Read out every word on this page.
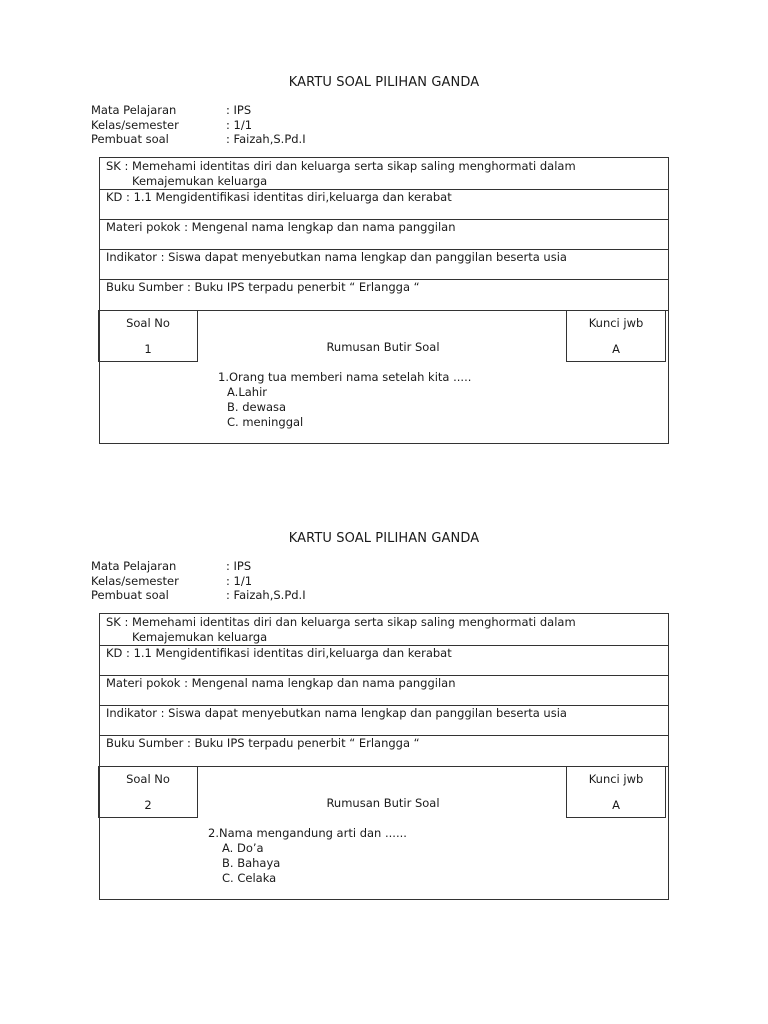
KARTU SOAL PILIHAN GANDA
Mata Pelajaran	: IPS
Kelas/semester	: 1/1
Pembuat soal	: Faizah,S.Pd.I
SK : Memehami identitas diri dan keluarga serta sikap saling menghormati dalam
Kemajemukan keluarga
KD : 1.1 Mengidentifikasi identitas diri,keluarga dan kerabat
Materi pokok : Mengenal nama lengkap dan nama panggilan
Indikator : Siswa dapat menyebutkan nama lengkap dan panggilan beserta usia
Buku Sumber : Buku IPS terpadu penerbit “ Erlangga “
Soal No
1	Rumusan Butir Soal
Kunci jwb
A
1.Orang tua memberi nama setelah kita .....
A.Lahir
B. dewasa
C. meninggal
KARTU SOAL PILIHAN GANDA
Mata Pelajaran	: IPS
Kelas/semester	: 1/1
Pembuat soal	: Faizah,S.Pd.I
SK : Memehami identitas diri dan keluarga serta sikap saling menghormati dalam
Kemajemukan keluarga
KD : 1.1 Mengidentifikasi identitas diri,keluarga dan kerabat
Materi pokok : Mengenal nama lengkap dan nama panggilan
Indikator : Siswa dapat menyebutkan nama lengkap dan panggilan beserta usia
Buku Sumber : Buku IPS terpadu penerbit “ Erlangga “
Soal No
2	Rumusan Butir Soal
Kunci jwb
A
2.Nama mengandung arti dan ......
A. Do’a
B. Bahaya
C. Celaka
